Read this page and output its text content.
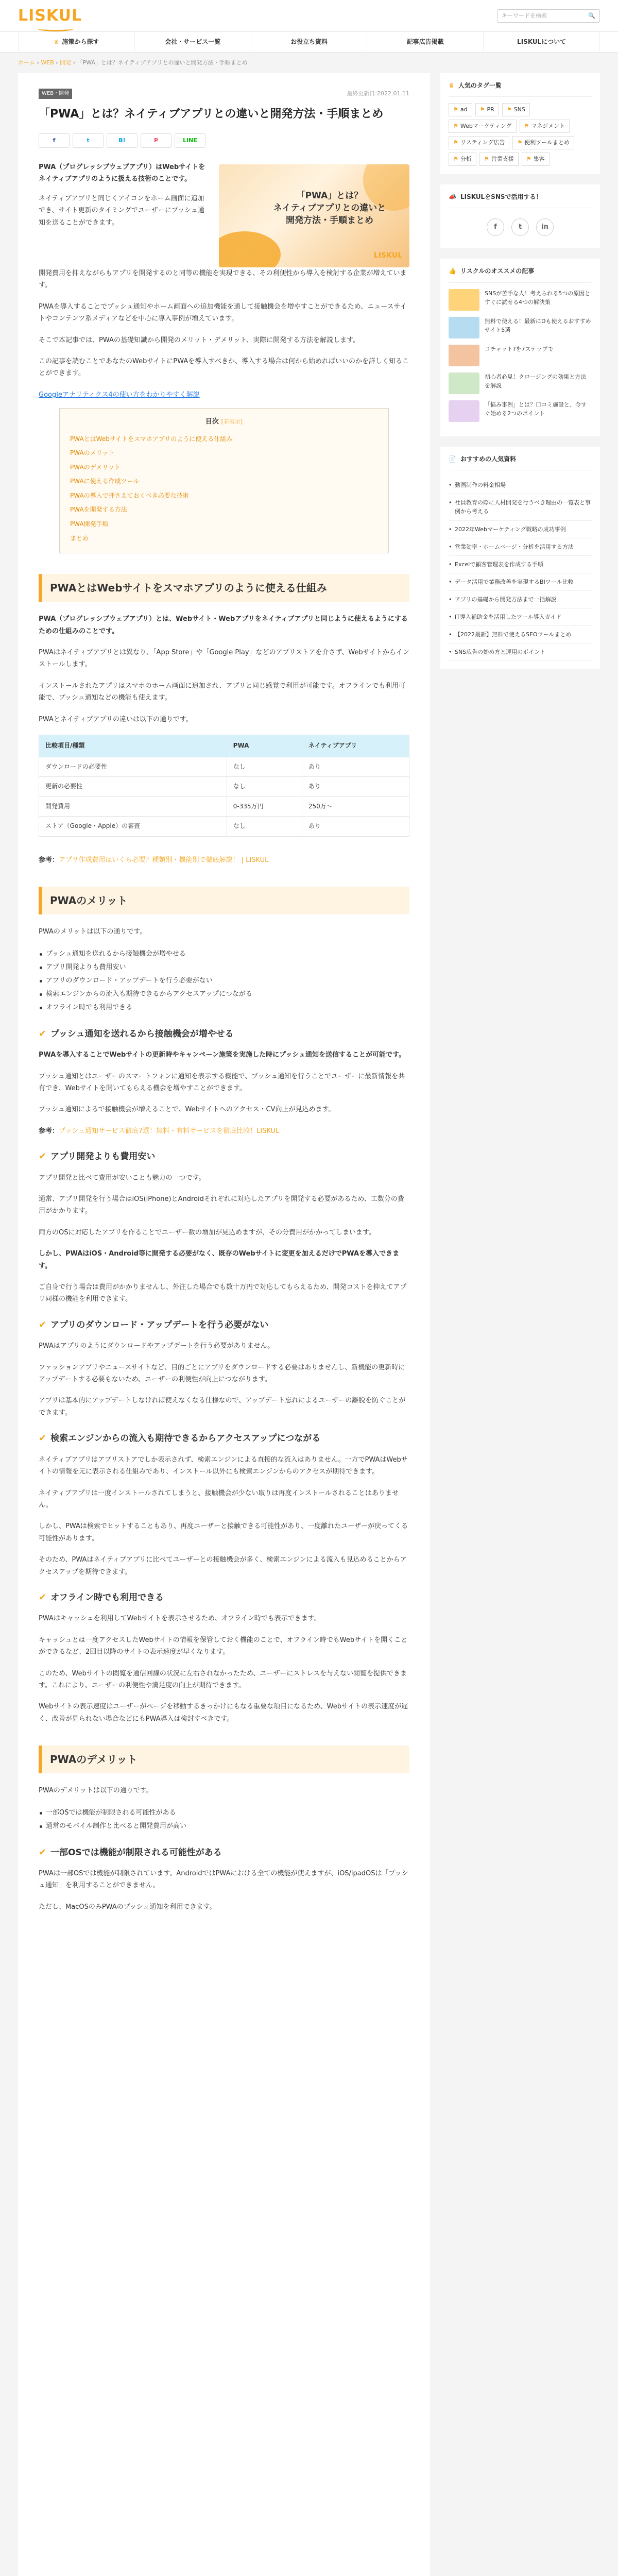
LISKUL	キーワードを検索	🔍
♛ 施策から探す	会社・サービス一覧	お役立ち資料	記事広告掲載	LISKULについて
ホーム › WEB › 開発 › 「PWA」とは？ネイティブアプリとの違いと開発方法・手順まとめ
WEB・開発	最終更新日:2022.01.11
「PWA」とは？ネイティブアプリとの違いと開発方法・手順まとめ
f	t	B!	P	LINE

PWA（プログレッシブウェブアプリ）はWebサイトをネイティブアプリのように扱える技術のことです。

ネイティブアプリと同じくアイコンをホーム画面に追加でき、サイト更新のタイミングでユーザーにプッシュ通知を送ることができます。

「PWA」とは？
ネイティブアプリとの違いと
開発方法・手順まとめ
LISKUL

開発費用を抑えながらもアプリを開発するのと同等の機能を実現できる、その利便性から導入を検討する企業が増えています。

PWAを導入することでプッシュ通知やホーム画面への追加機能を通して接触機会を増やすことができるため、ニュースサイトやコンテンツ系メディアなどを中心に導入事例が増えています。

そこで本記事では、PWAの基礎知識から開発のメリット・デメリット、実際に開発する方法を解説します。

この記事を読むことであなたのWebサイトにPWAを導入すべきか、導入する場合は何から始めればいいのかを詳しく知ることができます。

Googleアナリティクス4の使い方をわかりやすく解説
目次 [非表示]
PWAとはWebサイトをスマホアプリのように使える仕組み
PWAのメリット
PWAのデメリット
PWAに使える作成ツール
PWAの導入で押さえておくべき必要な技術
PWAを開発する方法
PWA開発手順
まとめ
PWAとはWebサイトをスマホアプリのように使える仕組み

PWA（プログレッシブウェブアプリ）とは、Webサイト・Webアプリをネイティブアプリと同じように使えるようにするための仕組みのことです。

PWAはネイティブアプリとは異なり、「App Store」や「Google Play」などのアプリストアを介さず、Webサイトからインストールします。

インストールされたアプリはスマホのホーム画面に追加され、アプリと同じ感覚で利用が可能です。オフラインでも利用可能で、プッシュ通知などの機能も使えます。

PWAとネイティブアプリの違いは以下の通りです。

比較項目/種類	PWA	ネイティブアプリ
ダウンロードの必要性	なし	あり
更新の必要性	なし	あり
開発費用	0-335万円	250万〜
ストア（Google・Apple）の審査	なし	あり

参考：アプリ作成費用はいくら必要？種類別・機能別で徹底解説！ | LISKUL

PWAのメリット

PWAのメリットは以下の通りです。

プッシュ通知を送れるから接触機会が増やせる
アプリ開発よりも費用安い
アプリのダウンロード・アップデートを行う必要がない
検索エンジンからの流入も期待できるからアクセスアップにつながる
オフライン時でも利用できる
✔ プッシュ通知を送れるから接触機会が増やせる

PWAを導入することでWebサイトの更新時やキャンペーン施策を実施した時にプッシュ通知を送信することが可能です。

プッシュ通知とはユーザーのスマートフォンに通知を表示する機能で、プッシュ通知を行うことでユーザーに最新情報を共有でき、Webサイトを開いてもらえる機会を増やすことができます。

プッシュ通知によるで接触機会が増えることで、Webサイトへのアクセス・CV向上が見込めます。

参考：プッシュ通知サービス徹底7選！無料・有料サービスを徹底比較！LISKUL

✔ アプリ開発よりも費用安い

アプリ開発と比べて費用が安いことも魅力の一つです。

通常、アプリ開発を行う場合はiOS(iPhone)とAndroidそれぞれに対応したアプリを開発する必要があるため、工数分の費用がかかります。

両方のOSに対応したアプリを作ることでユーザー数の増加が見込めますが、その分費用がかかってしまいます。

しかし、PWAはiOS・Android等に開発する必要がなく、既存のWebサイトに変更を加えるだけでPWAを導入できます。

ご自身で行う場合は費用がかかりませんし、外注した場合でも数十万円で対応してもらえるため、開発コストを抑えてアプリ同様の機能を利用できます。

✔ アプリのダウンロード・アップデートを行う必要がない

PWAはアプリのようにダウンロードやアップデートを行う必要がありません。

ファッションアプリやニュースサイトなど、目的ごとにアプリをダウンロードする必要はありませんし、新機能の更新時にアップデートする必要もないため、ユーザーの利便性が向上につながります。

アプリは基本的にアップデートしなければ使えなくなる仕様なので、アップデート忘れによるユーザーの離脱を防ぐことができます。

✔ 検索エンジンからの流入も期待できるからアクセスアップにつながる

ネイティブアプリはアプリストアでしか表示されず、検索エンジンによる直接的な流入はありません。一方でPWAはWebサイトの情報を元に表示される仕組みであり、インストール以外にも検索エンジンからのアクセスが期待できます。

ネイティブアプリは一度インストールされてしまうと、接触機会が少ない取りは再度インストールされることはありません。

しかし、PWAは検索でヒットすることもあり、再度ユーザーと接触できる可能性があり、一度離れたユーザーが戻ってくる可能性があります。

そのため、PWAはネイティブアプリに比べてユーザーとの接触機会が多く、検索エンジンによる流入も見込めることからアクセスアップを期待できます。

✔ オフライン時でも利用できる

PWAはキャッシュを利用してWebサイトを表示させるため、オフライン時でも表示できます。

キャッシュとは一度アクセスしたWebサイトの情報を保管しておく機能のことで、オフライン時でもWebサイトを開くことができるなど、2回目以降のサイトの表示速度が早くなります。

このため、Webサイトの閲覧を通信回線の状況に左右されなかったため、ユーザーにストレスを与えない閲覧を提供できます。これにより、ユーザーの利便性や満足度の向上が期待できます。

Webサイトの表示速度はユーザーがページを移動するきっかけにもなる重要な項目になるため、Webサイトの表示速度が遅く、改善が見られない場合などにもPWA導入は検討すべきです。

PWAのデメリット

PWAのデメリットは以下の通りです。

一部OSでは機能が制限される可能性がある
通常のモバイル制作と比べると開発費用が高い
✔ 一部OSでは機能が制限される可能性がある

PWAは一部OSでは機能が制限されています。AndroidではPWAにおける全ての機能が使えますが、iOS/ipadOSは「プッシュ通知」を利用することができません。

ただし、MacOSのみPWAのプッシュ通知を利用できます。

♛ 人気のタグ一覧
⚑ ad	⚑ PR	⚑ SNS
⚑ Webマーケティング	⚑ マネジメント
⚑ リスティング広告	⚑ 便利ツールまとめ
⚑ 分析	⚑ 営業支援	⚑ 集客
📣 LISKULをSNSで活用する！
f	t	in
👍 リスクルのオススメの記事
SNSが苦手な人！考えられる5つの原因とすぐに試せる4つの解決策
無料で使える！最新にDも使えるおすすめサイト5選
コチャット?を7ステップで
初心者必見！クロージングの効果と方法を解説
「悩み事例」とは？口コミ施設と、今すぐ始める2つのポイント
📄 おすすめの人気資料
• 動画制作の料金相場
• 社員教育の際に人材開発を行うべき理由の一覧表と事例から考える
• 2022年Webマーケティング戦略の成功事例
• 営業効率・ホームページ・分析を活用する方法
• Excelで顧客管理表を作成する手順
• データ活用で業務改善を実現するBIツール比較
• アプリの基礎から開発方法まで一括解説
• IT導入補助金を活用したツール導入ガイド
• 【2022最新】無料で使えるSEOツールまとめ
• SNS広告の始め方と運用のポイント
